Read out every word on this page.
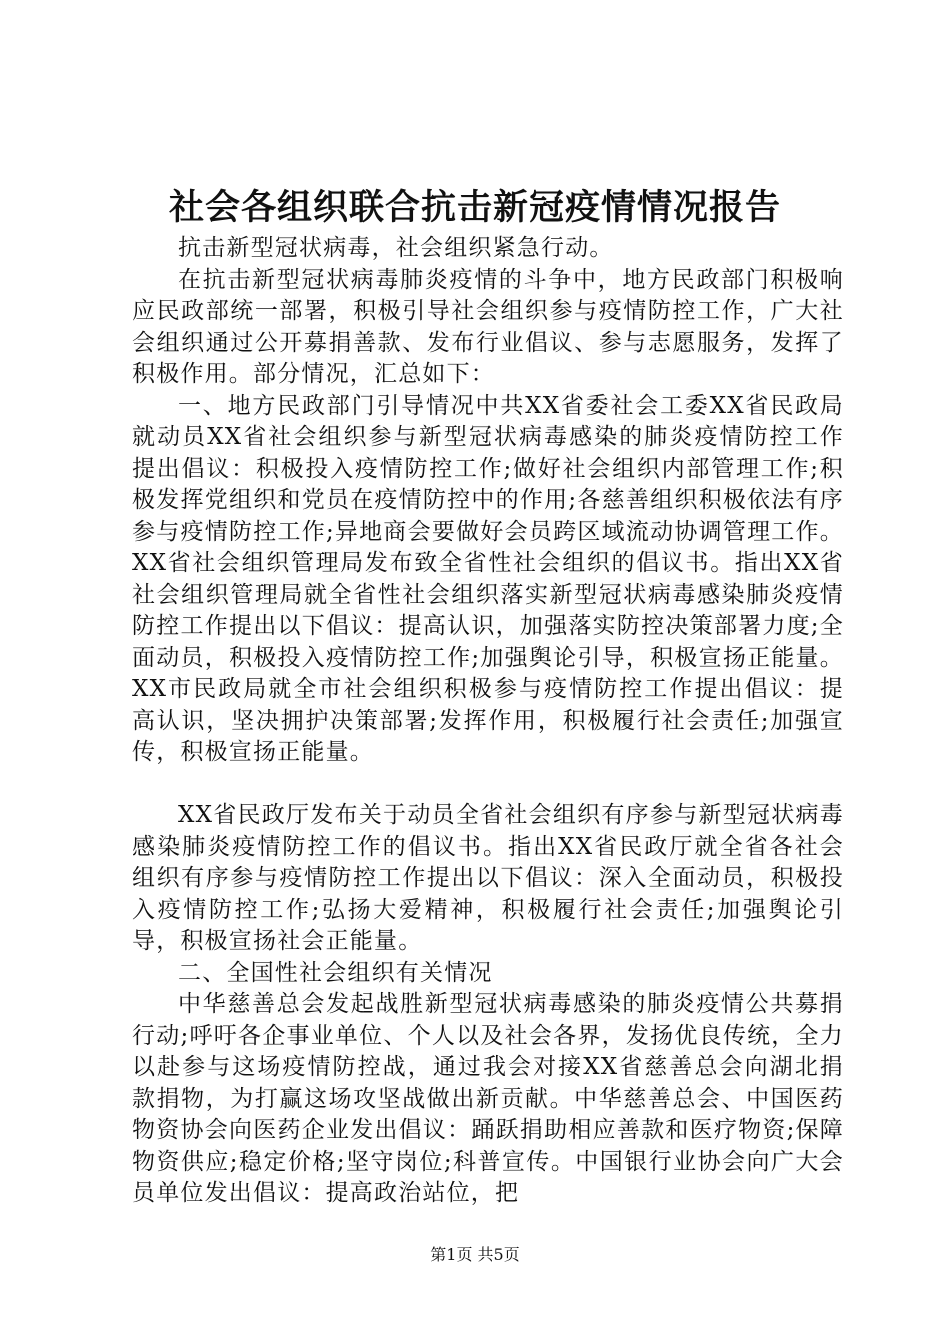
社会各组织联合抗击新冠疫情情况报告

抗击新型冠状病毒，社会组织紧急行动。

在抗击新型冠状病毒肺炎疫情的斗争中，地方民政部门积极响应民政部统一部署，积极引导社会组织参与疫情防控工作，广大社会组织通过公开募捐善款、发布行业倡议、参与志愿服务，发挥了积极作用。部分情况，汇总如下：

一、地方民政部门引导情况中共XX省委社会工委XX省民政局就动员XX省社会组织参与新型冠状病毒感染的肺炎疫情防控工作提出倡议：积极投入疫情防控工作;做好社会组织内部管理工作;积极发挥党组织和党员在疫情防控中的作用;各慈善组织积极依法有序参与疫情防控工作;异地商会要做好会员跨区域流动协调管理工作。XX省社会组织管理局发布致全省性社会组织的倡议书。指出XX省社会组织管理局就全省性社会组织落实新型冠状病毒感染肺炎疫情防控工作提出以下倡议：提高认识，加强落实防控决策部署力度;全面动员，积极投入疫情防控工作;加强舆论引导，积极宣扬正能量。XX市民政局就全市社会组织积极参与疫情防控工作提出倡议：提高认识，坚决拥护决策部署;发挥作用，积极履行社会责任;加强宣传，积极宣扬正能量。

XX省民政厅发布关于动员全省社会组织有序参与新型冠状病毒感染肺炎疫情防控工作的倡议书。指出XX省民政厅就全省各社会组织有序参与疫情防控工作提出以下倡议：深入全面动员，积极投入疫情防控工作;弘扬大爱精神，积极履行社会责任;加强舆论引导，积极宣扬社会正能量。

二、全国性社会组织有关情况

中华慈善总会发起战胜新型冠状病毒感染的肺炎疫情公共募捐行动;呼吁各企事业单位、个人以及社会各界，发扬优良传统，全力以赴参与这场疫情防控战，通过我会对接XX省慈善总会向湖北捐款捐物，为打赢这场攻坚战做出新贡献。中华慈善总会、中国医药物资协会向医药企业发出倡议：踊跃捐助相应善款和医疗物资;保障物资供应;稳定价格;坚守岗位;科普宣传。中国银行业协会向广大会员单位发出倡议：提高政治站位，把

第1页 共5页
